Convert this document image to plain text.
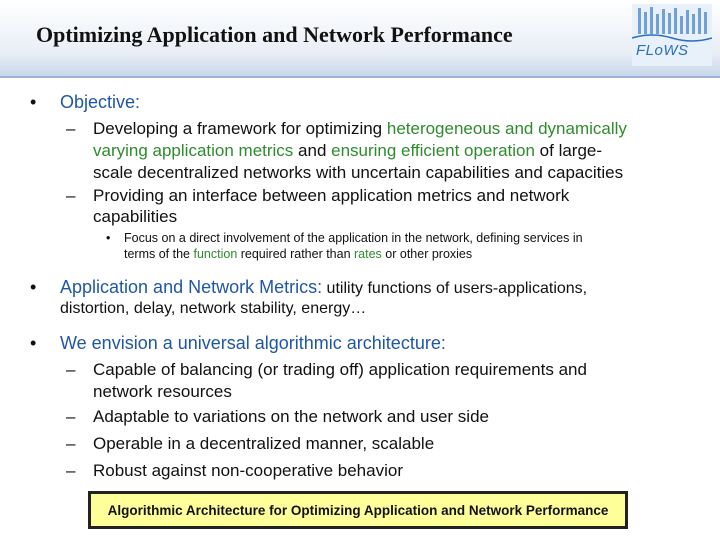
Optimizing Application and Network Performance
FLoWS
• Objective:
– Developing a framework for optimizing heterogeneous and dynamically
varying application metrics and ensuring efficient operation of large-
scale decentralized networks with uncertain capabilities and capacities
– Providing an interface between application metrics and network
capabilities
• Focus on a direct involvement of the application in the network, defining services in
terms of the function required rather than rates or other proxies
• Application and Network Metrics: utility functions of users-applications,
distortion, delay, network stability, energy…
• We envision a universal algorithmic architecture:
– Capable of balancing (or trading off) application requirements and
network resources
– Adaptable to variations on the network and user side
– Operable in a decentralized manner, scalable
– Robust against non-cooperative behavior
Algorithmic Architecture for Optimizing Application and Network Performance
